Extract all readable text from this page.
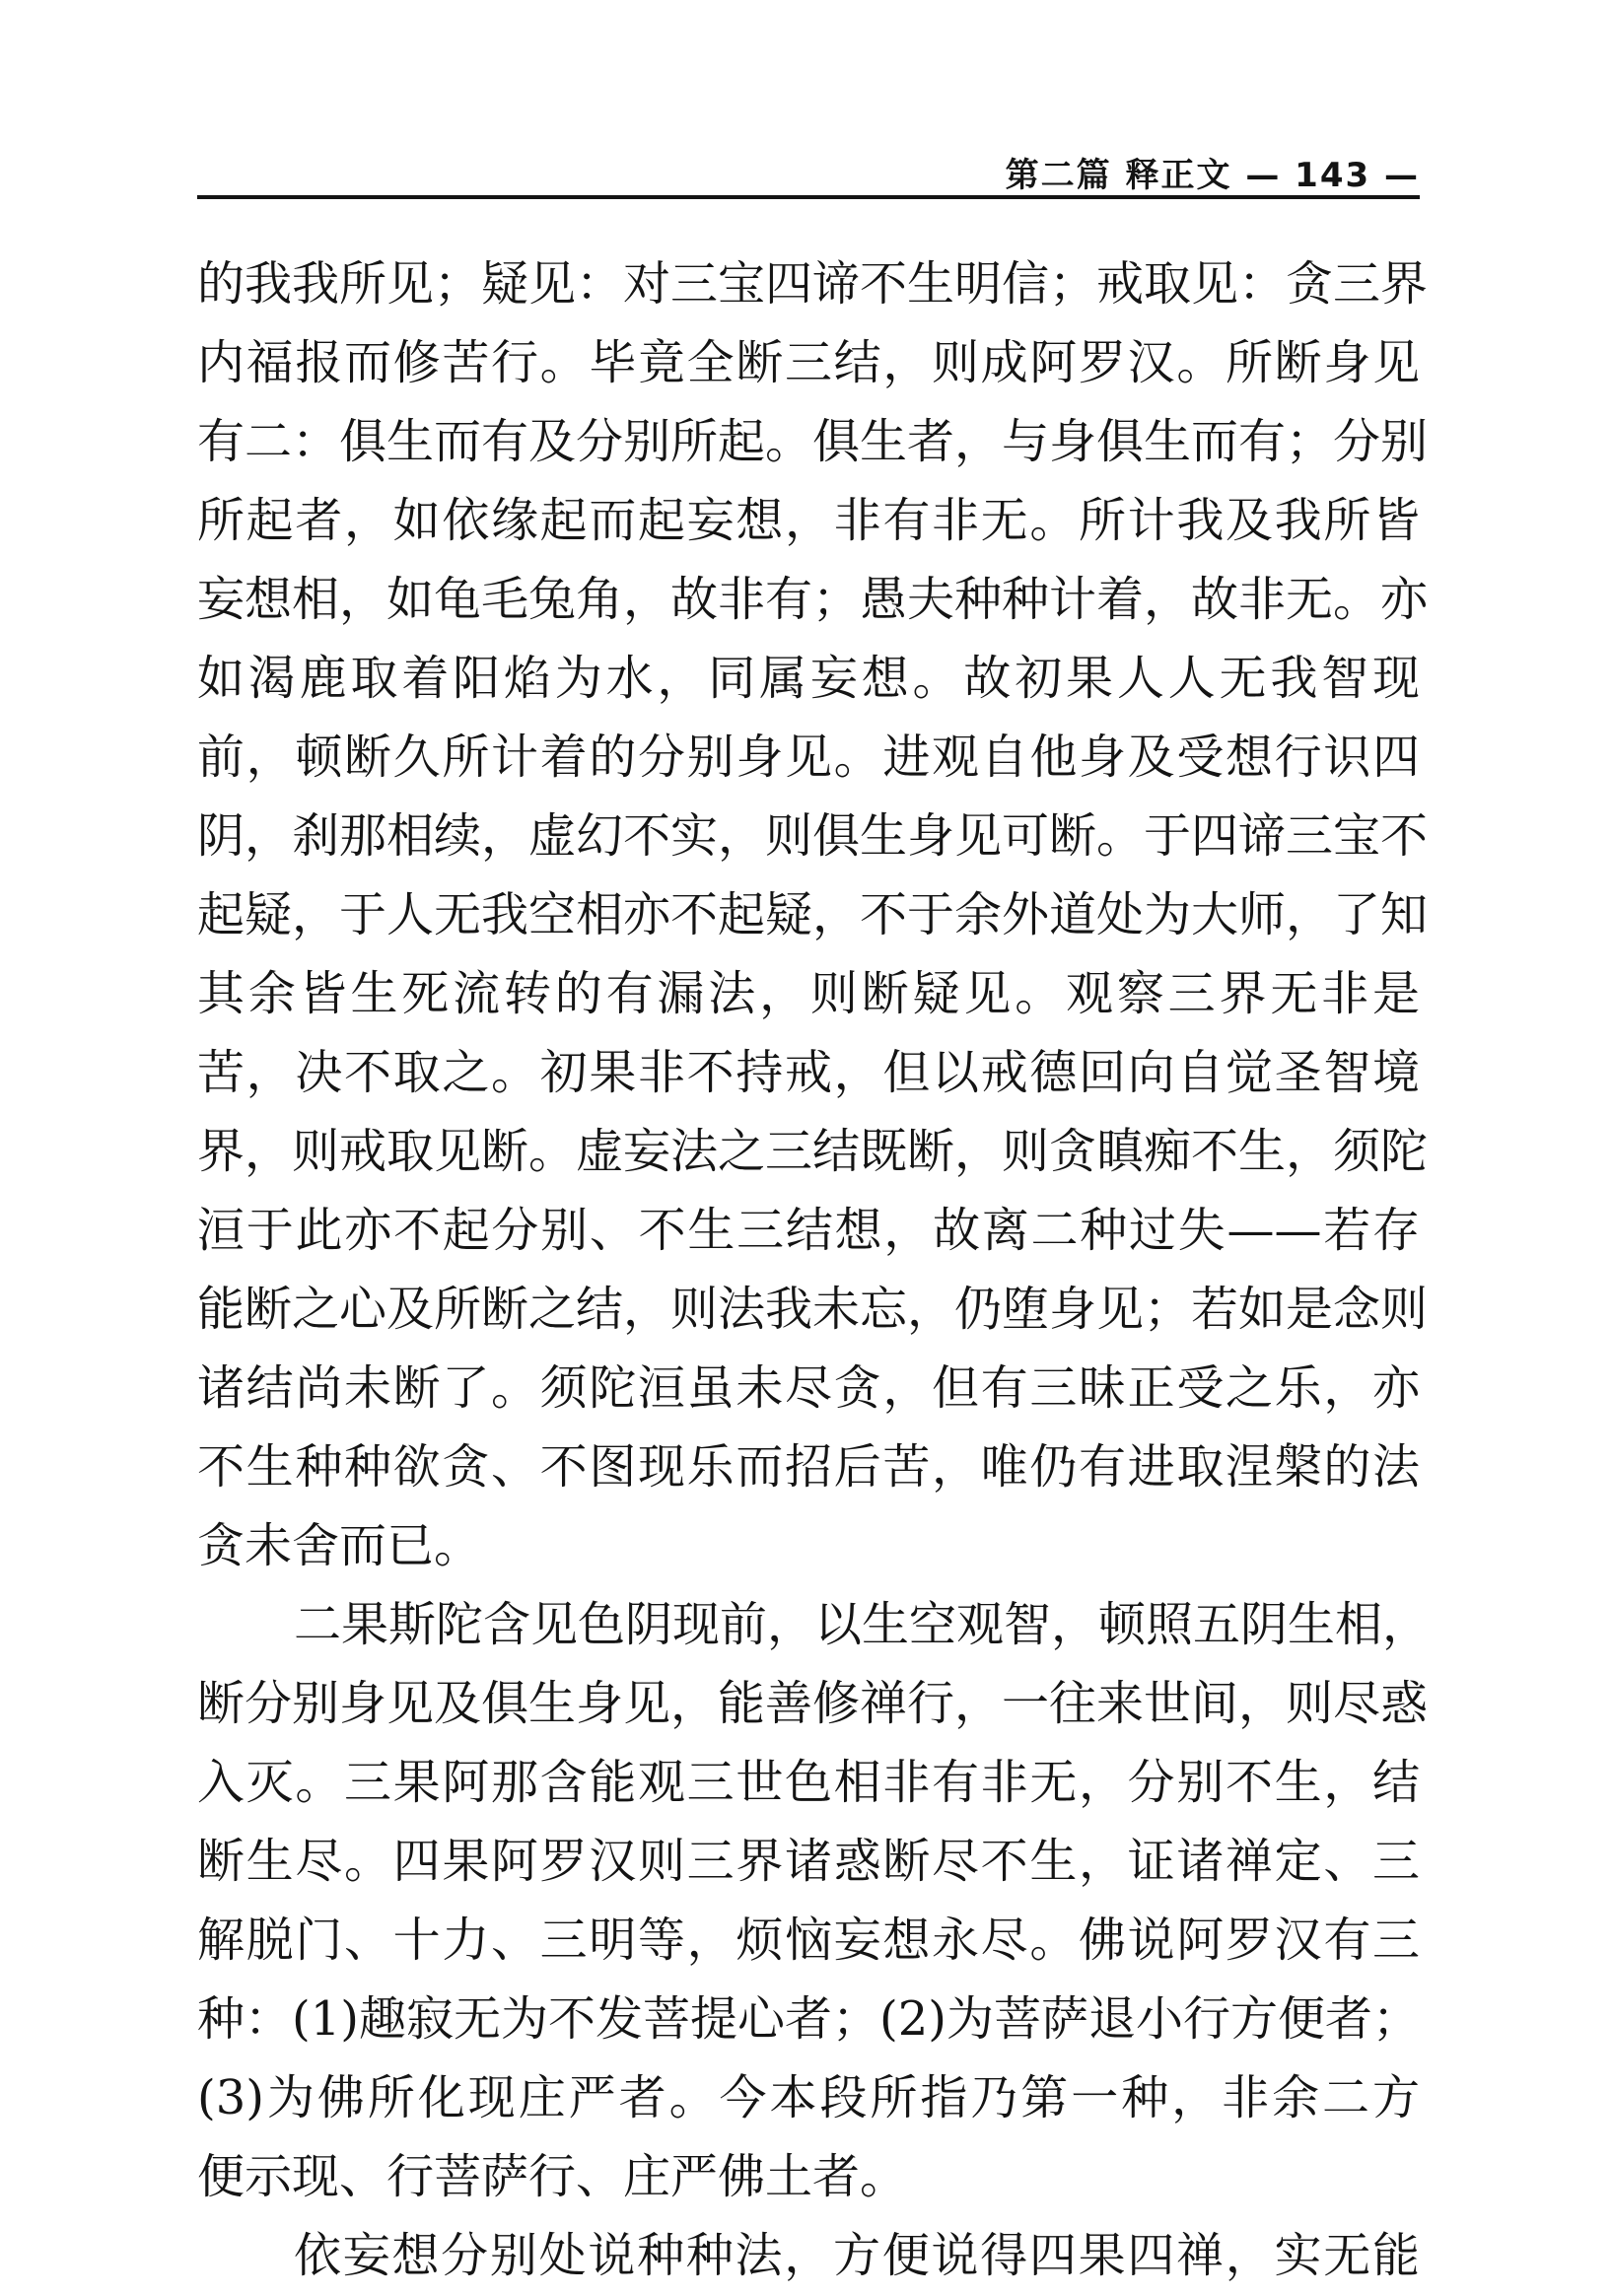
第二篇 释正文 — 143 —
的我我所见；疑见：对三宝四谛不生明信；戒取见：贪三界
内福报而修苦行。毕竟全断三结，则成阿罗汉。所断身见
有二：俱生而有及分别所起。俱生者，与身俱生而有；分别
所起者，如依缘起而起妄想，非有非无。所计我及我所皆
妄想相，如龟毛兔角，故非有；愚夫种种计着，故非无。亦
如渴鹿取着阳焰为水，同属妄想。故初果人人无我智现
前，顿断久所计着的分别身见。进观自他身及受想行识四
阴，刹那相续，虚幻不实，则俱生身见可断。于四谛三宝不
起疑，于人无我空相亦不起疑，不于余外道处为大师，了知
其余皆生死流转的有漏法，则断疑见。观察三界无非是
苦，决不取之。初果非不持戒，但以戒德回向自觉圣智境
界，则戒取见断。虚妄法之三结既断，则贪瞋痴不生，须陀
洹于此亦不起分别、不生三结想，故离二种过失——若存
能断之心及所断之结，则法我未忘，仍堕身见；若如是念则
诸结尚未断了。须陀洹虽未尽贪，但有三昧正受之乐，亦
不生种种欲贪、不图现乐而招后苦，唯仍有进取涅槃的法
贪未舍而已。
二果斯陀含见色阴现前，以生空观智，顿照五阴生相，
断分别身见及俱生身见，能善修禅行，一往来世间，则尽惑
入灭。三果阿那含能观三世色相非有非无，分别不生，结
断生尽。四果阿罗汉则三界诸惑断尽不生，证诸禅定、三
解脱门、十力、三明等，烦恼妄想永尽。佛说阿罗汉有三
种：(1)趣寂无为不发菩提心者；(2)为菩萨退小行方便者；
(3)为佛所化现庄严者。今本段所指乃第一种，非余二方
便示现、行菩萨行、庄严佛土者。
依妄想分别处说种种法，方便说得四果四禅，实无能
